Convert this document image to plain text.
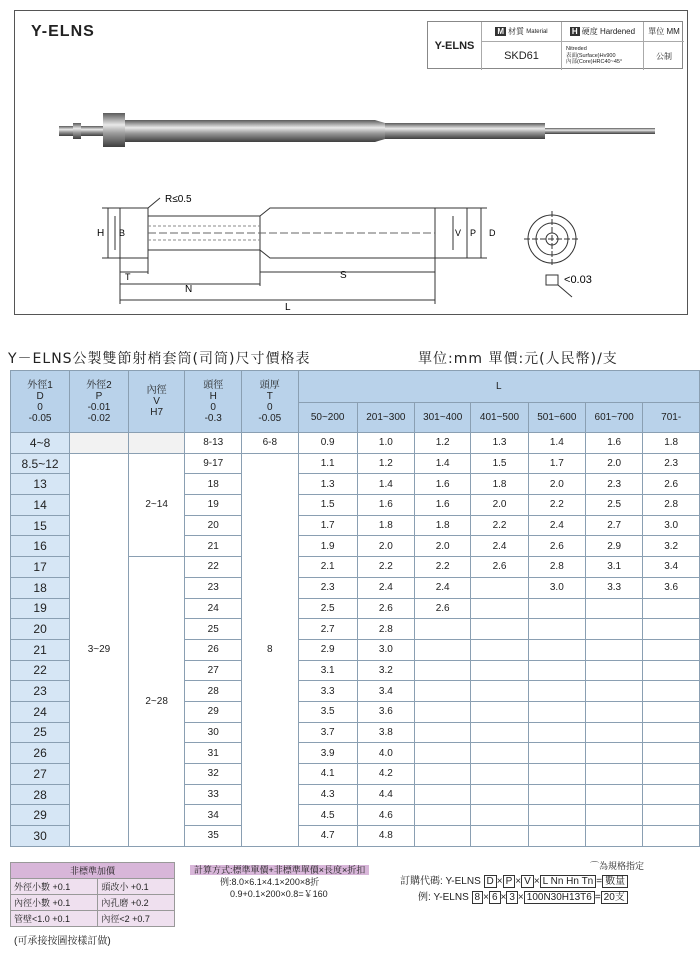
Y-ELNS
Y-ELNS
M 材質
Material
SKD61
H 硬度
Hardened
Nitreded
表面(Surface)Hv900
內部(Core)HRC40~45°
單位 MM
公制
R≤0.5
H B
T
N
S
L
V P D
<0.03
Y－ELNS公製雙節射梢套筒(司筒)尺寸價格表	單位:mm 單價:元(人民幣)/支
外徑1
D
0
-0.05	外徑2
P
-0.01
-0.02	內徑
V
H7	頭徑
H
0
-0.3	頭厚
T
0
-0.05	L						
					50~200	201~300	301~400	401~500	501~600	601~700	701-
4~8			8-13	6-8	0.9	1.0	1.2	1.3	1.4	1.6	1.8
8.5~12	3~29	2~14	9-17	8	1.1	1.2	1.4	1.5	1.7	2.0	2.3
13			18		1.3	1.4	1.6	1.8	2.0	2.3	2.6
14			19		1.5	1.6	1.6	2.0	2.2	2.5	2.8
15			20		1.7	1.8	1.8	2.2	2.4	2.7	3.0
16			21		1.9	2.0	2.0	2.4	2.6	2.9	3.2
17		2~28	22		2.1	2.2	2.2	2.6	2.8	3.1	3.4
18			23		2.3	2.4	2.4		3.0	3.3	3.6
19			24		2.5	2.6	2.6				
20			25		2.7	2.8					
21			26		2.9	3.0					
22			27		3.1	3.2					
23			28		3.3	3.4					
24			29		3.5	3.6					
25			30		3.7	3.8					
26			31		3.9	4.0					
27			32		4.1	4.2					
28			33		4.3	4.4					
29			34		4.5	4.6					
30			35		4.7	4.8					
非標準加價	
外徑小數 +0.1	頭改小 +0.1
內徑小數 +0.1	內孔磨 +0.2
管壁<1.0 +0.1	內徑<2 +0.7
計算方式:標準單價+非標準單價×長度×折扣
例:8.0×6.1×4.1×200×8折
0.9+0.1×200×0.8=￥160
⌒為規格指定
訂購代碼: Y-ELNS D × P × V × L Nn Hn Tn = 數量
例: Y-ELNS 8 × 6 × 3 × 100N30H13T6 = 20支
(可承接按圖按樣訂做)
